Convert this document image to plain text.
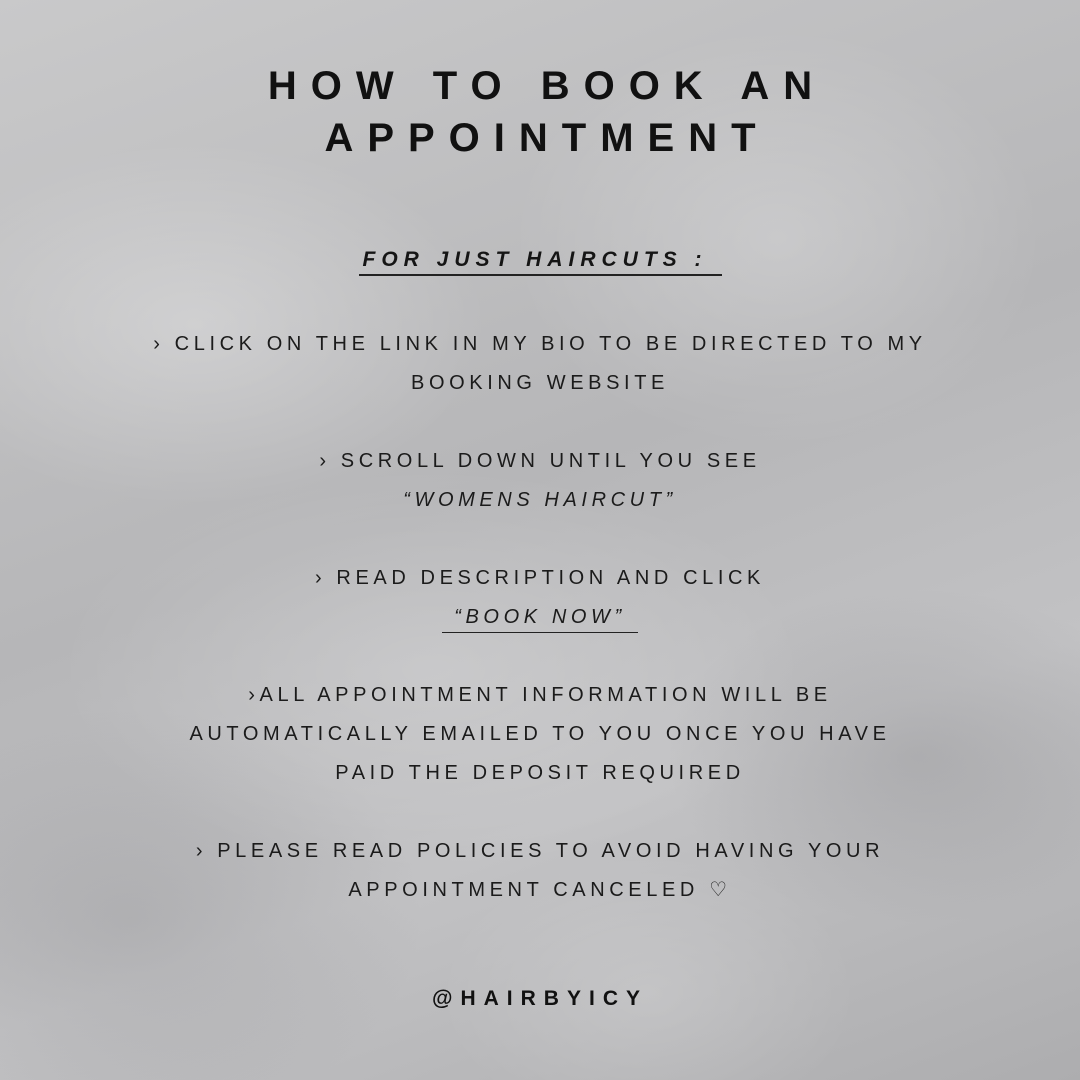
HOW TO BOOK AN
APPOINTMENT
FOR JUST HAIRCUTS :
› CLICK ON THE LINK IN MY BIO TO BE DIRECTED TO MY
BOOKING WEBSITE
› SCROLL DOWN UNTIL YOU SEE
“WOMENS HAIRCUT”
› READ DESCRIPTION AND CLICK
“BOOK NOW”
›ALL APPOINTMENT INFORMATION WILL BE
AUTOMATICALLY EMAILED TO YOU ONCE YOU HAVE
PAID THE DEPOSIT REQUIRED
› PLEASE READ POLICIES TO AVOID HAVING YOUR
APPOINTMENT CANCELED ♡
@HAIRBYICY
